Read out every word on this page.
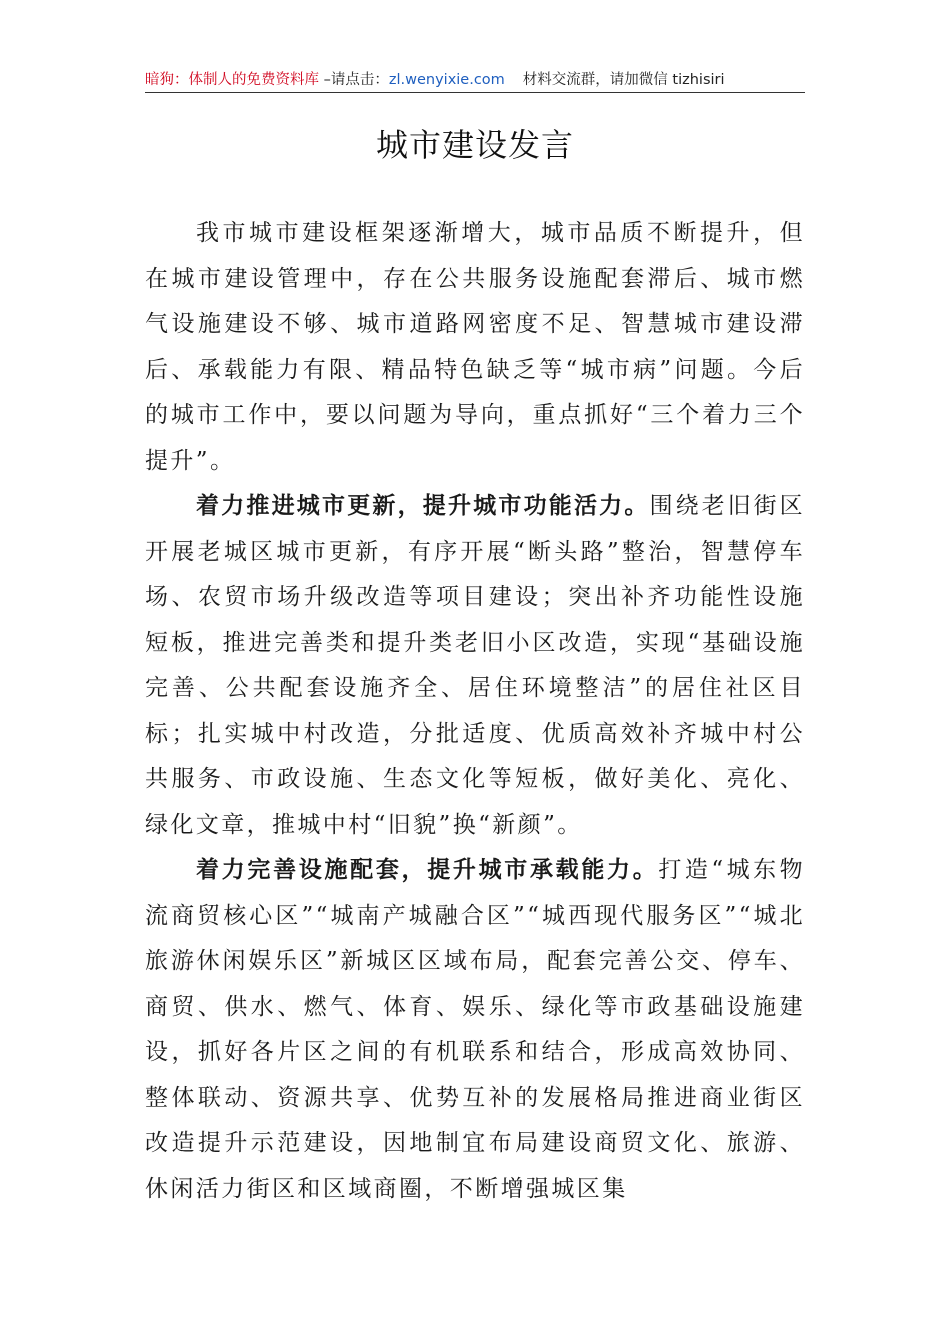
暗狗：体制人的免费资料库 –请点击：zl.wenyixie.com 材料交流群，请加微信 tizhisiri
城市建设发言

我市城市建设框架逐渐增大，城市品质不断提升，但在城市建设管理中，存在公共服务设施配套滞后、城市燃气设施建设不够、城市道路网密度不足、智慧城市建设滞后、承载能力有限、精品特色缺乏等“城市病”问题。今后的城市工作中，要以问题为导向，重点抓好“三个着力三个提升”。

着力推进城市更新，提升城市功能活力。围绕老旧街区开展老城区城市更新，有序开展“断头路”整治，智慧停车场、农贸市场升级改造等项目建设；突出补齐功能性设施短板，推进完善类和提升类老旧小区改造，实现“基础设施完善、公共配套设施齐全、居住环境整洁”的居住社区目标；扎实城中村改造，分批适度、优质高效补齐城中村公共服务、市政设施、生态文化等短板，做好美化、亮化、绿化文章，推城中村“旧貌”换“新颜”。

着力完善设施配套，提升城市承载能力。打造“城东物流商贸核心区”“城南产城融合区”“城西现代服务区”“城北旅游休闲娱乐区”新城区区域布局，配套完善公交、停车、商贸、供水、燃气、体育、娱乐、绿化等市政基础设施建设，抓好各片区之间的有机联系和结合，形成高效协同、整体联动、资源共享、优势互补的发展格局推进商业街区改造提升示范建设，因地制宜布局建设商贸文化、旅游、休闲活力街区和区域商圈，不断增强城区集
